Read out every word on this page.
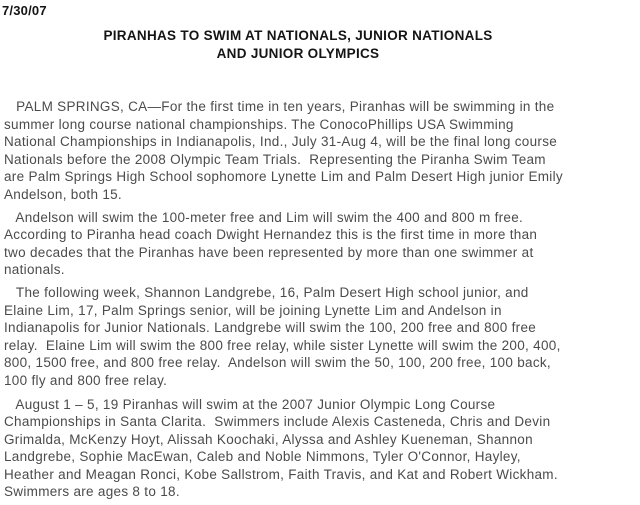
7/30/07
PIRANHAS TO SWIM AT NATIONALS, JUNIOR NATIONALS
AND JUNIOR OLYMPICS
PALM SPRINGS, CA—For the first time in ten years, Piranhas will be swimming in the
summer long course national championships. The ConocoPhillips USA Swimming
National Championships in Indianapolis, Ind., July 31-Aug 4, will be the final long course
Nationals before the 2008 Olympic Team Trials.  Representing the Piranha Swim Team
are Palm Springs High School sophomore Lynette Lim and Palm Desert High junior Emily
Andelson, both 15.
Andelson will swim the 100-meter free and Lim will swim the 400 and 800 m free.
According to Piranha head coach Dwight Hernandez this is the first time in more than
two decades that the Piranhas have been represented by more than one swimmer at
nationals.
The following week, Shannon Landgrebe, 16, Palm Desert High school junior, and
Elaine Lim, 17, Palm Springs senior, will be joining Lynette Lim and Andelson in
Indianapolis for Junior Nationals. Landgrebe will swim the 100, 200 free and 800 free
relay.  Elaine Lim will swim the 800 free relay, while sister Lynette will swim the 200, 400,
800, 1500 free, and 800 free relay.  Andelson will swim the 50, 100, 200 free, 100 back,
100 fly and 800 free relay.
August 1 – 5, 19 Piranhas will swim at the 2007 Junior Olympic Long Course
Championships in Santa Clarita.  Swimmers include Alexis Casteneda, Chris and Devin
Grimalda, McKenzy Hoyt, Alissah Koochaki, Alyssa and Ashley Kueneman, Shannon
Landgrebe, Sophie MacEwan, Caleb and Noble Nimmons, Tyler O'Connor, Hayley,
Heather and Meagan Ronci, Kobe Sallstrom, Faith Travis, and Kat and Robert Wickham.
Swimmers are ages 8 to 18.
